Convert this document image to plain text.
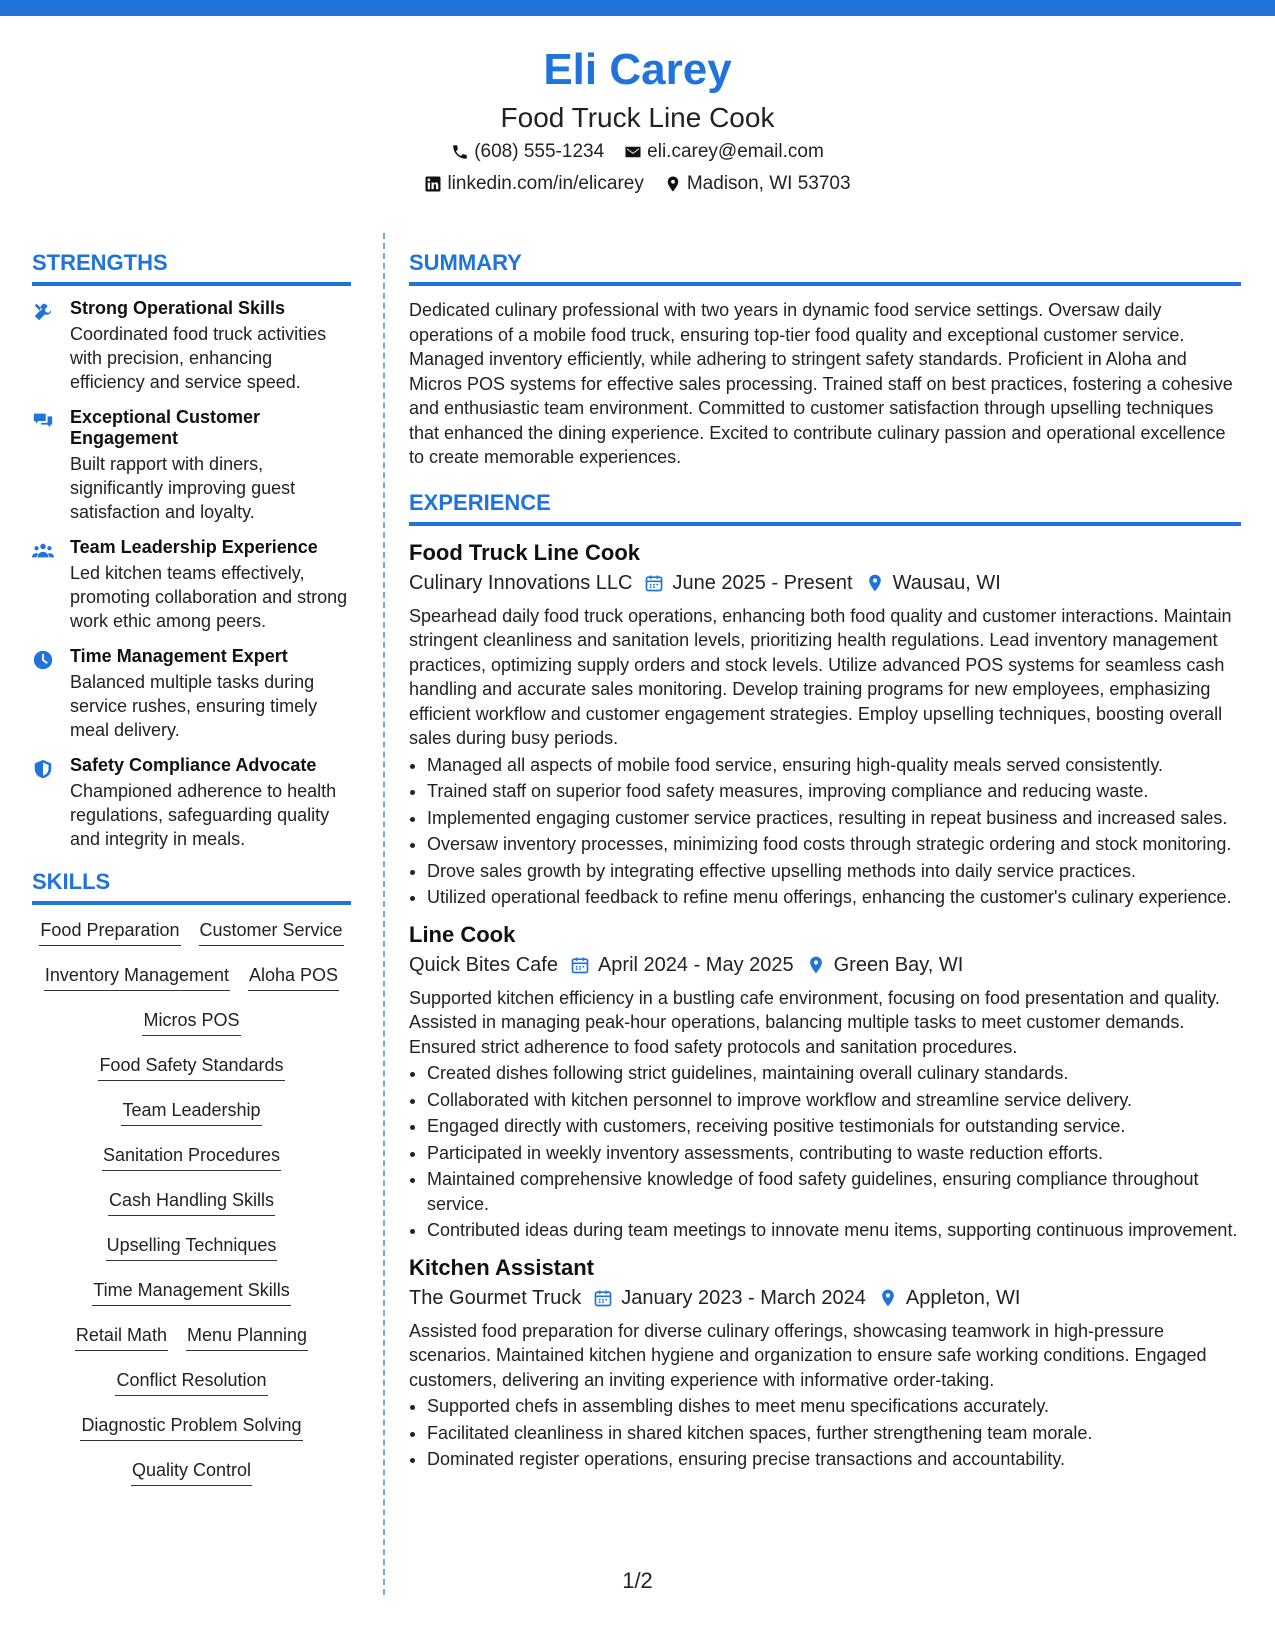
Eli Carey
Food Truck Line Cook
(608) 555-1234 eli.carey@email.com
linkedin.com/in/elicarey Madison, WI 53703
STRENGTHS
Strong Operational Skills
Coordinated food truck activities with precision, enhancing efficiency and service speed.
Exceptional Customer Engagement
Built rapport with diners, significantly improving guest satisfaction and loyalty.
Team Leadership Experience
Led kitchen teams effectively, promoting collaboration and strong work ethic among peers.
Time Management Expert
Balanced multiple tasks during service rushes, ensuring timely meal delivery.
Safety Compliance Advocate
Championed adherence to health regulations, safeguarding quality and integrity in meals.
SKILLS
Food Preparation Customer Service
Inventory Management Aloha POS
Micros POS
Food Safety Standards
Team Leadership
Sanitation Procedures
Cash Handling Skills
Upselling Techniques
Time Management Skills
Retail Math Menu Planning
Conflict Resolution
Diagnostic Problem Solving
Quality Control
SUMMARY
Dedicated culinary professional with two years in dynamic food service settings. Oversaw daily operations of a mobile food truck, ensuring top-tier food quality and exceptional customer service. Managed inventory efficiently, while adhering to stringent safety standards. Proficient in Aloha and Micros POS systems for effective sales processing. Trained staff on best practices, fostering a cohesive and enthusiastic team environment. Committed to customer satisfaction through upselling techniques that enhanced the dining experience. Excited to contribute culinary passion and operational excellence to create memorable experiences.
EXPERIENCE
Food Truck Line Cook
Culinary Innovations LLC June 2025 - Present Wausau, WI
Spearhead daily food truck operations, enhancing both food quality and customer interactions. Maintain stringent cleanliness and sanitation levels, prioritizing health regulations. Lead inventory management practices, optimizing supply orders and stock levels. Utilize advanced POS systems for seamless cash handling and accurate sales monitoring. Develop training programs for new employees, emphasizing efficient workflow and customer engagement strategies. Employ upselling techniques, boosting overall sales during busy periods.
• Managed all aspects of mobile food service, ensuring high-quality meals served consistently.
• Trained staff on superior food safety measures, improving compliance and reducing waste.
• Implemented engaging customer service practices, resulting in repeat business and increased sales.
• Oversaw inventory processes, minimizing food costs through strategic ordering and stock monitoring.
• Drove sales growth by integrating effective upselling methods into daily service practices.
• Utilized operational feedback to refine menu offerings, enhancing the customer's culinary experience.
Line Cook
Quick Bites Cafe April 2024 - May 2025 Green Bay, WI
Supported kitchen efficiency in a bustling cafe environment, focusing on food presentation and quality. Assisted in managing peak-hour operations, balancing multiple tasks to meet customer demands. Ensured strict adherence to food safety protocols and sanitation procedures.
• Created dishes following strict guidelines, maintaining overall culinary standards.
• Collaborated with kitchen personnel to improve workflow and streamline service delivery.
• Engaged directly with customers, receiving positive testimonials for outstanding service.
• Participated in weekly inventory assessments, contributing to waste reduction efforts.
• Maintained comprehensive knowledge of food safety guidelines, ensuring compliance throughout service.
• Contributed ideas during team meetings to innovate menu items, supporting continuous improvement.
Kitchen Assistant
The Gourmet Truck January 2023 - March 2024 Appleton, WI
Assisted food preparation for diverse culinary offerings, showcasing teamwork in high-pressure scenarios. Maintained kitchen hygiene and organization to ensure safe working conditions. Engaged customers, delivering an inviting experience with informative order-taking.
• Supported chefs in assembling dishes to meet menu specifications accurately.
• Facilitated cleanliness in shared kitchen spaces, further strengthening team morale.
• Dominated register operations, ensuring precise transactions and accountability.
1/2
